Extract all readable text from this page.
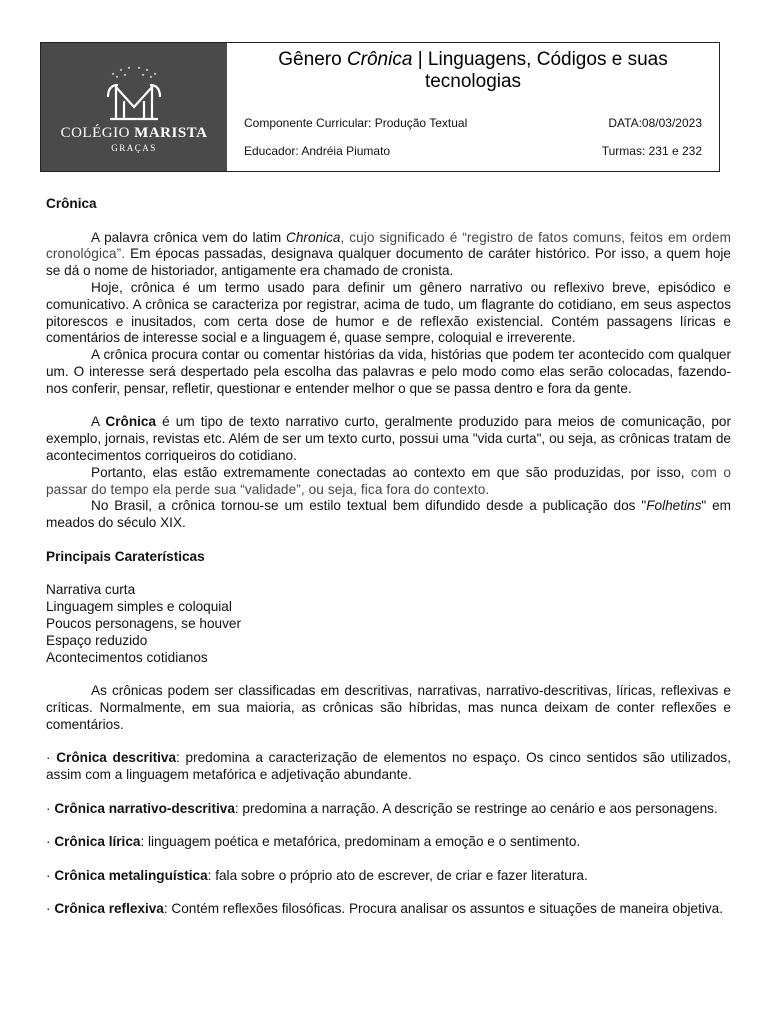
COLÉGIO MARISTA
GRAÇAS
Gênero Crônica | Linguagens, Códigos e suas
tecnologias
Componente Curricular: Produção Textual	DATA:08/03/2023
Educador: Andréia Piumato	Turmas: 231 e 232

Crônica

A palavra crônica vem do latim Chronica, cujo significado é “registro de fatos comuns, feitos em ordem cronológica”. Em épocas passadas, designava qualquer documento de caráter histórico. Por isso, a quem hoje se dá o nome de historiador, antigamente era chamado de cronista.

Hoje, crônica é um termo usado para definir um gênero narrativo ou reflexivo breve, episódico e comunicativo. A crônica se caracteriza por registrar, acima de tudo, um flagrante do cotidiano, em seus aspectos pitorescos e inusitados, com certa dose de humor e de reflexão existencial. Contém passagens líricas e comentários de interesse social e a linguagem é, quase sempre, coloquial e irreverente.

A crônica procura contar ou comentar histórias da vida, histórias que podem ter acontecido com qualquer um. O interesse será despertado pela escolha das palavras e pelo modo como elas serão colocadas, fazendo-nos conferir, pensar, refletir, questionar e entender melhor o que se passa dentro e fora da gente.

A Crônica é um tipo de texto narrativo curto, geralmente produzido para meios de comunicação, por exemplo, jornais, revistas etc. Além de ser um texto curto, possui uma "vida curta", ou seja, as crônicas tratam de acontecimentos corriqueiros do cotidiano.

Portanto, elas estão extremamente conectadas ao contexto em que são produzidas, por isso, com o passar do tempo ela perde sua “validade”, ou seja, fica fora do contexto.

No Brasil, a crônica tornou-se um estilo textual bem difundido desde a publicação dos "Folhetins" em meados do século XIX.

Principais Caraterísticas

Narrativa curta

Linguagem simples e coloquial

Poucos personagens, se houver

Espaço reduzido

Acontecimentos cotidianos

As crônicas podem ser classificadas em descritivas, narrativas, narrativo-descritivas, líricas, reflexivas e críticas. Normalmente, em sua maioria, as crônicas são híbridas, mas nunca deixam de conter reflexões e comentários.

· Crônica descritiva: predomina a caracterização de elementos no espaço. Os cinco sentidos são utilizados, assim com a linguagem metafórica e adjetivação abundante.

· Crônica narrativo-descritiva: predomina a narração. A descrição se restringe ao cenário e aos personagens.

· Crônica lírica: linguagem poética e metafórica, predominam a emoção e o sentimento.

· Crônica metalinguística: fala sobre o próprio ato de escrever, de criar e fazer literatura.

· Crônica reflexiva: Contém reflexões filosóficas. Procura analisar os assuntos e situações de maneira objetiva.
